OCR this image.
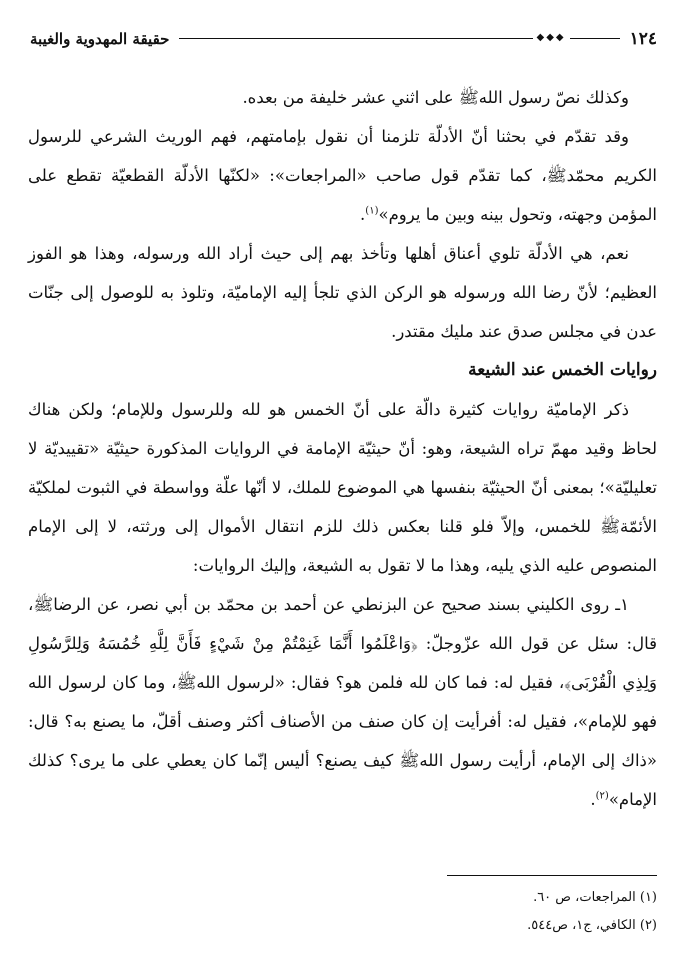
١٢٤
◆◆◆
حقيقة المهدوية والغيبة

وكذلك نصّ رسول اللهﷺ على اثني عشر خليفة من بعده.

وقد تقدّم في بحثنا أنّ الأدلّة تلزمنا أن نقول بإمامتهم، فهم الوريث الشرعي للرسول الكريم محمّدﷺ، كما تقدّم قول صاحب «المراجعات»: «لكنّها الأدلّة القطعيّة تقطع على المؤمن وجهته، وتحول بينه وبين ما يروم»$^{(١)}$.

نعم، هي الأدلّة تلوي أعناق أهلها وتأخذ بهم إلى حيث أراد الله ورسوله، وهذا هو الفوز العظيم؛ لأنّ رضا الله ورسوله هو الركن الذي تلجأ إليه الإماميّة، وتلوذ به للوصول إلى جنّات عدن في مجلس صدق عند مليك مقتدر.

روايات الخمس عند الشيعة

ذكر الإماميّة روايات كثيرة دالّة على أنّ الخمس هو لله وللرسول وللإمام؛ ولكن هناك لحاظ وقيد مهمّ تراه الشيعة، وهو: أنّ حيثيّة الإمامة في الروايات المذكورة حيثيّة «تقييديّة لا تعليليّة»؛ بمعنى أنّ الحيثيّة بنفسها هي الموضوع للملك، لا أنّها علّة وواسطة في الثبوت لملكيّة الأئمّةﷺ للخمس، وإلاّ فلو قلنا بعكس ذلك للزم انتقال الأموال إلى ورثته، لا إلى الإمام المنصوص عليه الذي يليه، وهذا ما لا تقول به الشيعة، وإليك الروايات:

١ـ روى الكليني بسند صحيح عن البزنطي عن أحمد بن محمّد بن أبي نصر، عن الرضاﷺ، قال: سئل عن قول الله عزّوجلّ: ﴿وَاعْلَمُوا أَنَّمَا غَنِمْتُمْ مِنْ شَيْءٍ فَأَنَّ لِلَّهِ خُمُسَهُ وَلِلرَّسُولِ وَلِذِي الْقُرْبَى﴾، فقيل له: فما كان لله فلمن هو؟ فقال: «لرسول اللهﷺ، وما كان لرسول الله فهو للإمام»، فقيل له: أفرأيت إن كان صنف من الأصناف أكثر وصنف أقلّ، ما يصنع به؟ قال: «ذاك إلى الإمام، أرأيت رسول اللهﷺ كيف يصنع؟ أليس إنّما كان يعطي على ما يرى؟ كذلك الإمام»$^{(٢)}$.

(١) المراجعات، ص ٦٠.
(٢) الكافي، ج١، ص٥٤٤.
